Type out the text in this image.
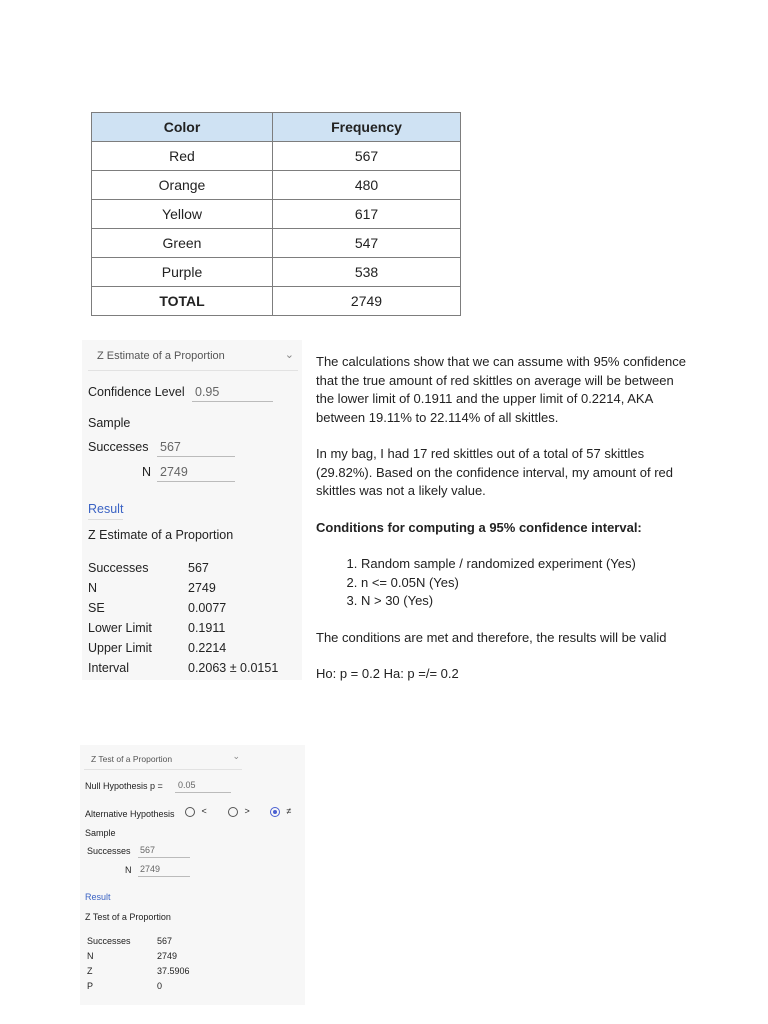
Color	Frequency
Red	567
Orange	480
Yellow	617
Green	547
Purple	538
TOTAL	2749
Z Estimate of a Proportion	⌄
Confidence Level 0.95
Sample
Successes 567
N 2749
Result
Z Estimate of a Proportion
Successes	567
N	2749
SE	0.0077
Lower Limit	0.1911
Upper Limit	0.2214
Interval	0.2063 ± 0.0151

The calculations show that we can assume with 95% confidence that the true amount of red skittles on average will be between the lower limit of 0.1911 and the upper limit of 0.2214, AKA between 19.11% to 22.114% of all skittles.

In my bag, I had 17 red skittles out of a total of 57 skittles (29.82%). Based on the confidence interval, my amount of red skittles was not a likely value.

Conditions for computing a 95% confidence interval:

1. Random sample / randomized experiment (Yes)
2. n <= 0.05N (Yes)
3. N > 30 (Yes)

The conditions are met and therefore, the results will be valid

Ho: p = 0.2 Ha: p =/= 0.2

Z Test of a Proportion	⌄
Null Hypothesis p =	0.05
Alternative Hypothesis	<	>	≠
Sample
Successes 567
N 2749
Result
Z Test of a Proportion
Successes	567
N	2749
Z	37.5906
P	0
